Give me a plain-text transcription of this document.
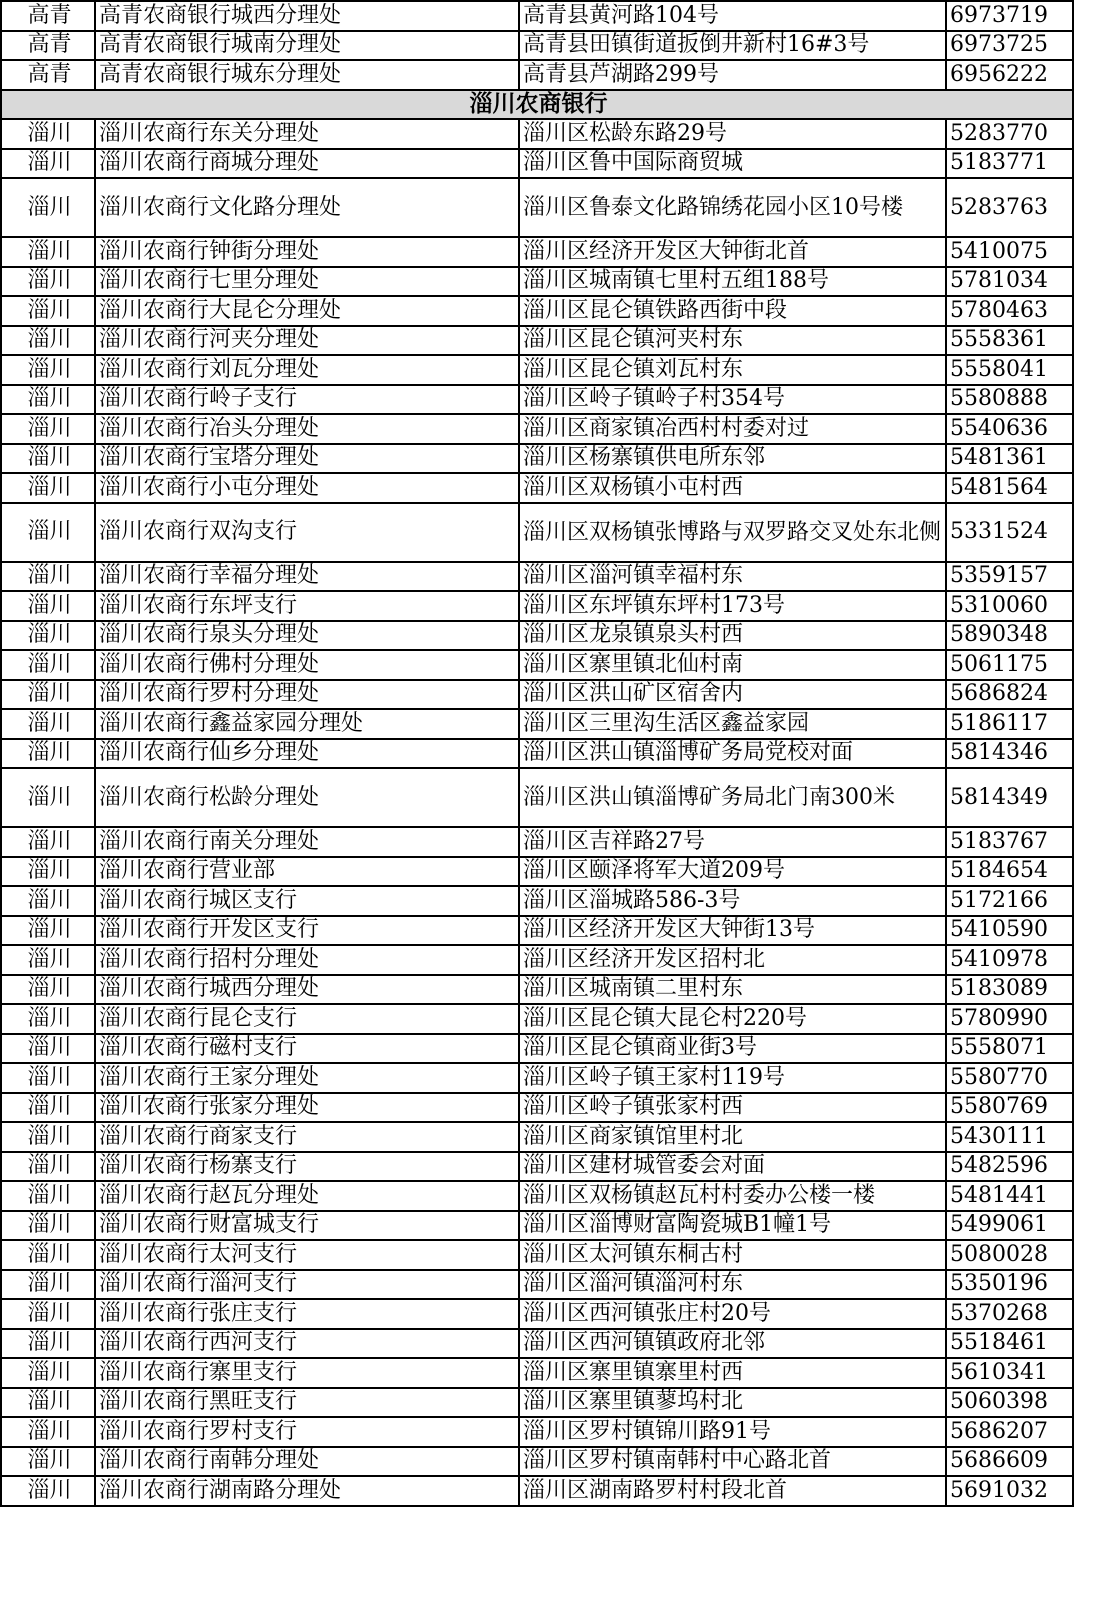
高青	高青农商银行城西分理处	高青县黄河路104号	6973719
高青	高青农商银行城南分理处	高青县田镇街道扳倒井新村16#3号	6973725
高青	高青农商银行城东分理处	高青县芦湖路299号	6956222
淄川农商银行			
淄川	淄川农商行东关分理处	淄川区松龄东路29号	5283770
淄川	淄川农商行商城分理处	淄川区鲁中国际商贸城	5183771
淄川	淄川农商行文化路分理处	淄川区鲁泰文化路锦绣花园小区10号楼	5283763
淄川	淄川农商行钟街分理处	淄川区经济开发区大钟街北首	5410075
淄川	淄川农商行七里分理处	淄川区城南镇七里村五组188号	5781034
淄川	淄川农商行大昆仑分理处	淄川区昆仑镇铁路西街中段	5780463
淄川	淄川农商行河夹分理处	淄川区昆仑镇河夹村东	5558361
淄川	淄川农商行刘瓦分理处	淄川区昆仑镇刘瓦村东	5558041
淄川	淄川农商行岭子支行	淄川区岭子镇岭子村354号	5580888
淄川	淄川农商行冶头分理处	淄川区商家镇冶西村村委对过	5540636
淄川	淄川农商行宝塔分理处	淄川区杨寨镇供电所东邻	5481361
淄川	淄川农商行小屯分理处	淄川区双杨镇小屯村西	5481564
淄川	淄川农商行双沟支行	淄川区双杨镇张博路与双罗路交叉处东北侧	5331524
淄川	淄川农商行幸福分理处	淄川区淄河镇幸福村东	5359157
淄川	淄川农商行东坪支行	淄川区东坪镇东坪村173号	5310060
淄川	淄川农商行泉头分理处	淄川区龙泉镇泉头村西	5890348
淄川	淄川农商行佛村分理处	淄川区寨里镇北仙村南	5061175
淄川	淄川农商行罗村分理处	淄川区洪山矿区宿舍内	5686824
淄川	淄川农商行鑫益家园分理处	淄川区三里沟生活区鑫益家园	5186117
淄川	淄川农商行仙乡分理处	淄川区洪山镇淄博矿务局党校对面	5814346
淄川	淄川农商行松龄分理处	淄川区洪山镇淄博矿务局北门南300米	5814349
淄川	淄川农商行南关分理处	淄川区吉祥路27号	5183767
淄川	淄川农商行营业部	淄川区颐泽将军大道209号	5184654
淄川	淄川农商行城区支行	淄川区淄城路586-3号	5172166
淄川	淄川农商行开发区支行	淄川区经济开发区大钟街13号	5410590
淄川	淄川农商行招村分理处	淄川区经济开发区招村北	5410978
淄川	淄川农商行城西分理处	淄川区城南镇二里村东	5183089
淄川	淄川农商行昆仑支行	淄川区昆仑镇大昆仑村220号	5780990
淄川	淄川农商行磁村支行	淄川区昆仑镇商业街3号	5558071
淄川	淄川农商行王家分理处	淄川区岭子镇王家村119号	5580770
淄川	淄川农商行张家分理处	淄川区岭子镇张家村西	5580769
淄川	淄川农商行商家支行	淄川区商家镇馆里村北	5430111
淄川	淄川农商行杨寨支行	淄川区建材城管委会对面	5482596
淄川	淄川农商行赵瓦分理处	淄川区双杨镇赵瓦村村委办公楼一楼	5481441
淄川	淄川农商行财富城支行	淄川区淄博财富陶瓷城B1幢1号	5499061
淄川	淄川农商行太河支行	淄川区太河镇东桐古村	5080028
淄川	淄川农商行淄河支行	淄川区淄河镇淄河村东	5350196
淄川	淄川农商行张庄支行	淄川区西河镇张庄村20号	5370268
淄川	淄川农商行西河支行	淄川区西河镇镇政府北邻	5518461
淄川	淄川农商行寨里支行	淄川区寨里镇寨里村西	5610341
淄川	淄川农商行黑旺支行	淄川区寨里镇蓼坞村北	5060398
淄川	淄川农商行罗村支行	淄川区罗村镇锦川路91号	5686207
淄川	淄川农商行南韩分理处	淄川区罗村镇南韩村中心路北首	5686609
淄川	淄川农商行湖南路分理处	淄川区湖南路罗村村段北首	5691032
